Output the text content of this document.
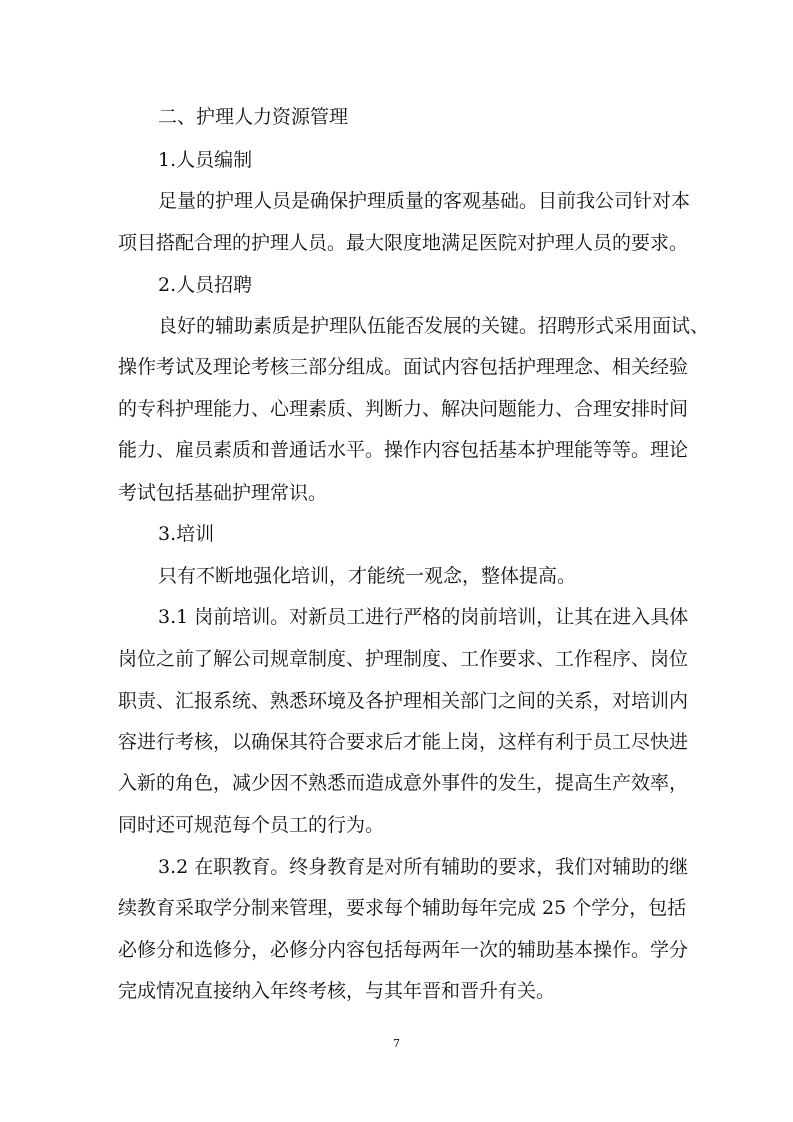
二、护理人力资源管理
1.人员编制
足量的护理人员是确保护理质量的客观基础。目前我公司针对本
项目搭配合理的护理人员。最大限度地满足医院对护理人员的要求。
2.人员招聘
良好的辅助素质是护理队伍能否发展的关键。招聘形式采用面试、
操作考试及理论考核三部分组成。面试内容包括护理理念、相关经验
的专科护理能力、心理素质、判断力、解决问题能力、合理安排时间
能力、雇员素质和普通话水平。操作内容包括基本护理能等等。理论
考试包括基础护理常识。
3.培训
只有不断地强化培训，才能统一观念，整体提高。
3.1 岗前培训。对新员工进行严格的岗前培训，让其在进入具体
岗位之前了解公司规章制度、护理制度、工作要求、工作程序、岗位
职责、汇报系统、熟悉环境及各护理相关部门之间的关系，对培训内
容进行考核，以确保其符合要求后才能上岗，这样有利于员工尽快进
入新的角色，减少因不熟悉而造成意外事件的发生，提高生产效率，
同时还可规范每个员工的行为。
3.2 在职教育。终身教育是对所有辅助的要求，我们对辅助的继
续教育采取学分制来管理，要求每个辅助每年完成 25 个学分，包括
必修分和选修分，必修分内容包括每两年一次的辅助基本操作。学分
完成情况直接纳入年终考核，与其年晋和晋升有关。
7
